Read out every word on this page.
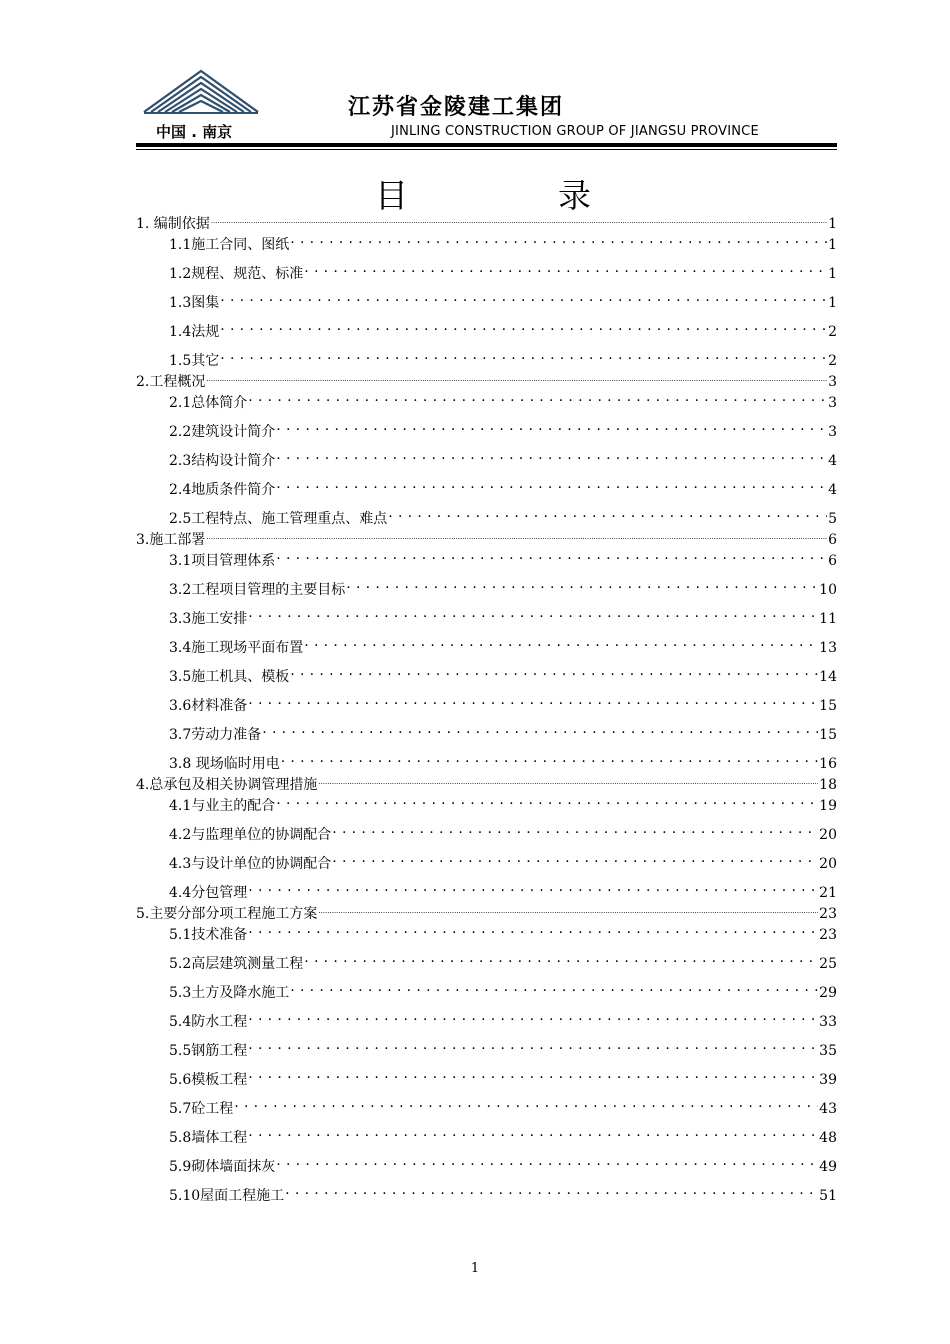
江苏省金陵建工集团
中国 . 南京	JINLING CONSTRUCTION GROUP OF JIANGSU PROVINCE
目录
1. 编制依据 .....	1
1.1施工合同、图纸 . . .	1
1.2规程、规范、标准 . . .	1
1.3图集 . . .	1
1.4法规 . . .	2
1.5其它 . . .	2
2.工程概况 .....	3
2.1总体简介 . . .	3
2.2建筑设计简介 . . .	3
2.3结构设计简介 . . .	4
2.4地质条件简介 . . .	4
2.5工程特点、施工管理重点、难点 . . .	5
3.施工部署 .....	6
3.1项目管理体系 . . .	6
3.2工程项目管理的主要目标 . . .	10
3.3施工安排 . . .	11
3.4施工现场平面布置 . . .	13
3.5施工机具、模板 . . .	14
3.6材料准备 . . .	15
3.7劳动力准备 . . .	15
3.8 现场临时用电 . . .	16
4.总承包及相关协调管理措施 .....	18
4.1与业主的配合 . . .	19
4.2与监理单位的协调配合 . . .	20
4.3与设计单位的协调配合 . . .	20
4.4分包管理 . . .	21
5.主要分部分项工程施工方案 .....	23
5.1技术准备 . . .	23
5.2高层建筑测量工程 . . .	25
5.3土方及降水施工 . . .	29
5.4防水工程 . . .	33
5.5钢筋工程 . . .	35
5.6模板工程 . . .	39
5.7砼工程 . . .	43
5.8墙体工程 . . .	48
5.9砌体墙面抹灰 . . .	49
5.10屋面工程施工 . . .	51
1
